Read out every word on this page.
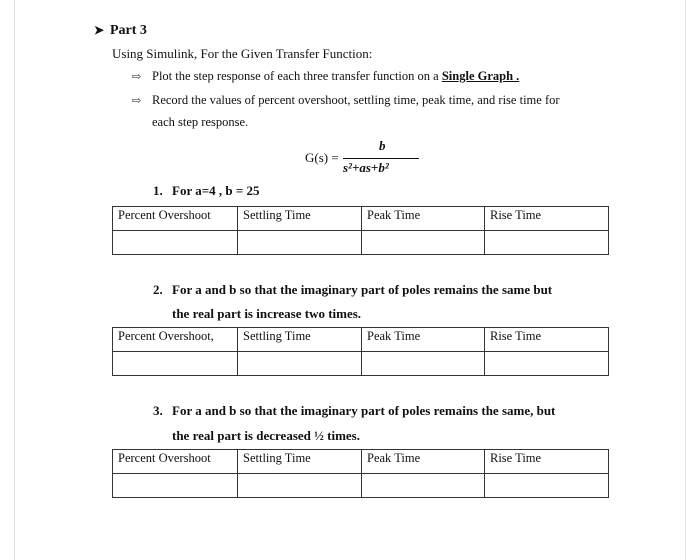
➤ Part 3
Using Simulink, For the Given Transfer Function:
⇨ Plot the step response of each three transfer function on a Single Graph .
⇨ Record the values of percent overshoot, settling time, peak time, and rise time for
each step response.
G(s) =
b
s²+as+b²
1. For a=4 , b = 25
Percent Overshoot	Settling Time	Peak Time	Rise Time

2. For a and b so that the imaginary part of poles remains the same but
the real part is increase two times.
Percent Overshoot,	Settling Time	Peak Time	Rise Time

3. For a and b so that the imaginary part of poles remains the same, but
the real part is decreased ½ times.
Percent Overshoot	Settling Time	Peak Time	Rise Time
